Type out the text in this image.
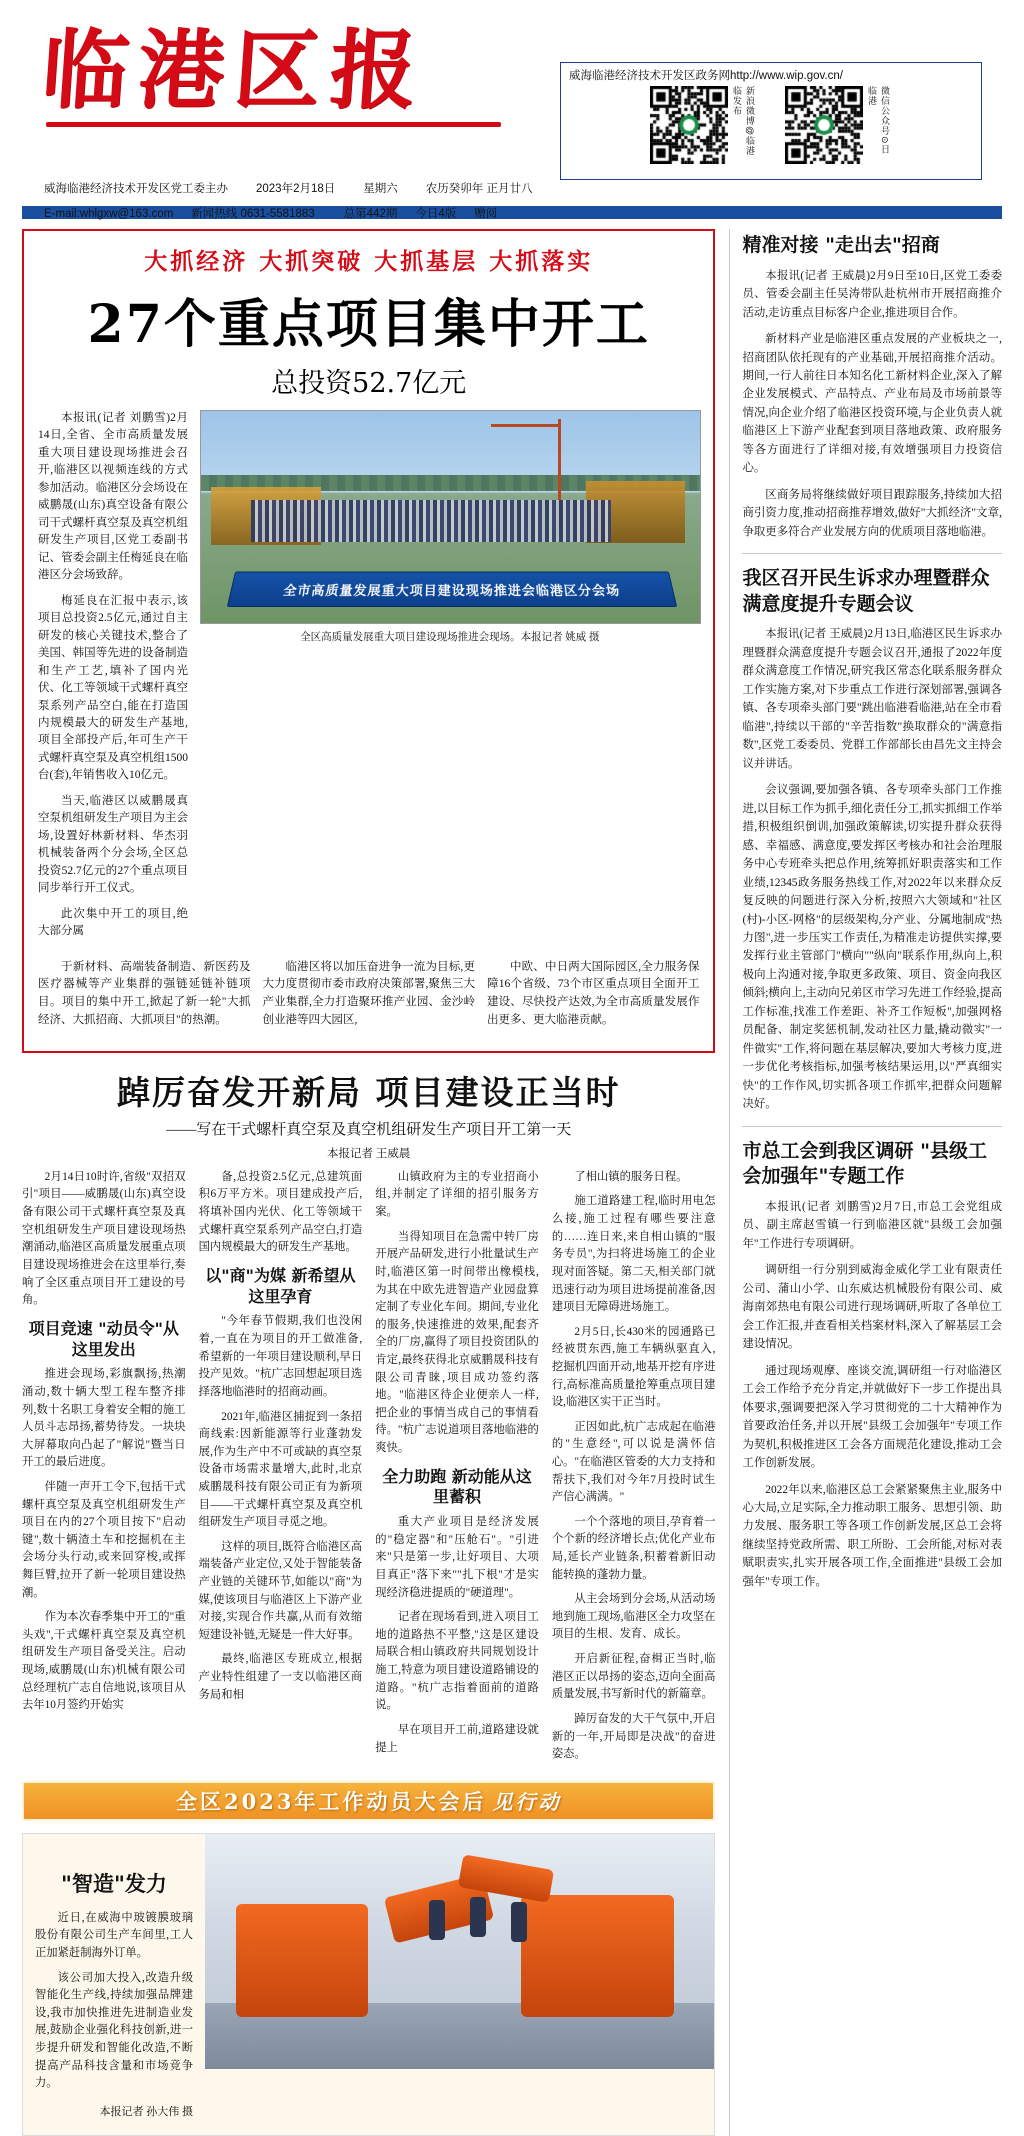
临港区报
威海临港经济技术开发区党工委主办 2023年2月18日 星期六 农历癸卯年 正月廿八
E-mail:whlgxw@163.com 新闻热线 0631-5581883	总第442期 今日4版 赠阅
威海临港经济技术开发区政务网http://www.wip.gov.cn/
新浪微博@临港临发布	微信公众号⊙日临港
大抓经济 大抓突破 大抓基层 大抓落实
27个重点项目集中开工
总投资52.7亿元

本报讯(记者 刘鹏雪)2月14日,全省、全市高质量发展重大项目建设现场推进会召开,临港区以视频连线的方式参加活动。临港区分会场设在威鹏晟(山东)真空设备有限公司干式螺杆真空泵及真空机组研发生产项目,区党工委副书记、管委会副主任梅延良在临港区分会场致辞。

梅延良在汇报中表示,该项目总投资2.5亿元,通过自主研发的核心关键技术,整合了美国、韩国等先进的设备制造和生产工艺,填补了国内光伏、化工等领域干式螺杆真空泵系列产品空白,能在打造国内规模最大的研发生产基地,项目全部投产后,年可生产干式螺杆真空泵及真空机组1500台(套),年销售收入10亿元。

当天,临港区以威鹏晟真空泵机组研发生产项目为主会场,设置好林新材料、华杰羽机械装备两个分会场,全区总投资52.7亿元的27个重点项目同步举行开工仪式。

此次集中开工的项目,绝大部分属

全市高质量发展重大项目建设现场推进会临港区分会场
全区高质量发展重大项目建设现场推进会现场。本报记者 姚威 摄

于新材料、高端装备制造、新医药及医疗器械等产业集群的强链延链补链项目。项目的集中开工,掀起了新一轮"大抓经济、大抓招商、大抓项目"的热潮。

临港区将以加压奋进争一流为目标,更大力度贯彻市委市政府决策部署,聚焦三大产业集群,全力打造聚环推产业园、金沙岭创业港等四大园区,

中欧、中日两大国际园区,全力服务保障16个省级、73个市区重点项目全面开工建设、尽快投产达效,为全市高质量发展作出更多、更大临港贡献。

踔厉奋发开新局 项目建设正当时
——写在干式螺杆真空泵及真空机组研发生产项目开工第一天
本报记者 王威晨

2月14日10时许,省级"双招双引"项目——威鹏晟(山东)真空设备有限公司干式螺杆真空泵及真空机组研发生产项目建设现场热潮涌动,临港区高质量发展重点项目建设现场推进会在这里举行,奏响了全区重点项目开工建设的号角。

项目竞速 "动员令"从这里发出

推进会现场,彩旗飘扬,热潮涌动,数十辆大型工程车整齐排列,数十名职工身着安全帽的施工人员斗志昂扬,蓄势待发。一块块大屏幕取向凸起了"解说"暨当日开工的最后进度。

伴随一声开工令下,包括干式螺杆真空泵及真空机组研发生产项目在内的27个项目按下"启动键",数十辆渣土车和挖掘机在主会场分头行动,或来回穿梭,或挥舞巨臂,拉开了新一轮项目建设热潮。

作为本次春季集中开工的"重头戏",干式螺杆真空泵及真空机组研发生产项目备受关注。启动现场,威鹏晟(山东)机械有限公司总经理杭广志自信地说,该项目从去年10月签约开始实

备,总投资2.5亿元,总建筑面积6万平方米。项目建成投产后,将填补国内光伏、化工等领域干式螺杆真空泵系列产品空白,打造国内规模最大的研发生产基地。

以"商"为媒 新希望从这里孕育

"今年春节假期,我们也没闲着,一直在为项目的开工做准备,希望新的一年项目建设顺利,早日投产见效。"杭广志回想起项目选择落地临港时的招商动画。

2021年,临港区捕捉到一条招商线索:因新能源等行业蓬勃发展,作为生产中不可或缺的真空泵设备市场需求量增大,此时,北京威鹏晟科技有限公司正有为新项目——干式螺杆真空泵及真空机组研发生产项目寻觅之地。

这样的项目,既符合临港区高端装备产业定位,又处于智能装备产业链的关键环节,如能以"商"为媒,使该项目与临港区上下游产业对接,实现合作共赢,从而有效缩短建设补链,无疑是一件大好事。

最终,临港区专班成立,根据产业特性组建了一支以临港区商务局和相

山镇政府为主的专业招商小组,并制定了详细的招引服务方案。

当得知项目在急需中转厂房开展产品研发,进行小批量试生产时,临港区第一时间带出橡模栈,为其在中欧先进智造产业园盘算定制了专业化车间。期间,专业化的服务,快速推进的效果,配套齐全的厂房,赢得了项目投资团队的肯定,最终获得北京威鹏晟科技有限公司青睐,项目成功签约落地。"临港区待企业便亲人一样,把企业的事情当成自己的事情看待。"杭广志说道项目落地临港的爽快。

全力助跑 新动能从这里蓄积

重大产业项目是经济发展的"稳定器"和"压舱石"。"引进来"只是第一步,让好项目、大项目真正"落下来""扎下根"才是实现经济稳进提质的"硬道理"。

记者在现场看到,进入项目工地的道路热不平整,"这是区建设局联合相山镇政府共同规划设计施工,特意为项目建设道路铺设的道路。"杭广志指着面前的道路说。

早在项目开工前,道路建设就提上

了相山镇的服务日程。

施工道路建工程,临时用电怎么接,施工过程有哪些要注意的……连日来,来自相山镇的"服务专员",为扫将进场施工的企业现对面答疑。第二天,相关部门就迅速行动为项目进场提前准备,因建项目无障碍进场施工。

2月5日,长430米的园通路已经被贯东西,施工车辆纵驱直入,挖掘机四面开动,地基开挖有序进行,高标准高质量抢筹重点项目建设,临港区实干正当时。

正因如此,杭广志成起在临港的"生意经",可以说是满怀信心。"在临港区管委的大力支持和帮扶下,我们对今年7月投时试生产信心满满。"

一个个落地的项目,孕育着一个个新的经济增长点;优化产业布局,延长产业链条,积蓄着新旧动能转换的蓬勃力量。

从主会场到分会场,从活动场地到施工现场,临港区全力攻坚在项目的生根、发育、成长。

开启新征程,奋楫正当时,临港区正以昂扬的姿态,迈向全面高质量发展,书写新时代的新篇章。

踔厉奋发的大干气氛中,开启新的一年,开局即是决战"的奋进姿态。

全区2023年工作动员大会后 见行动
"智造"发力

近日,在威海中玻镀膜玻璃股份有限公司生产车间里,工人正加紧赶制海外订单。

该公司加大投入,改造升级智能化生产线,持续加强品牌建设,我市加快推进先进制造业发展,鼓励企业强化科技创新,进一步提升研发和智能化改造,不断提高产品科技含量和市场竞争力。

本报记者 孙大伟 摄
精准对接 "走出去"招商

本报讯(记者 王威晨)2月9日至10日,区党工委委员、管委会副主任吴涛带队赴杭州市开展招商推介活动,走访重点目标客户企业,推进项目合作。

新材料产业是临港区重点发展的产业板块之一,招商团队依托现有的产业基础,开展招商推介活动。期间,一行人前往日本知名化工新材料企业,深入了解企业发展模式、产品特点、产业布局及市场前景等情况,向企业介绍了临港区投资环境,与企业负责人就临港区上下游产业配套到项目落地政策、政府服务等各方面进行了详细对接,有效增强项目力投资信心。

区商务局将继续做好项目跟踪服务,持续加大招商引资力度,推动招商推荐增效,做好"大抓经济"文章,争取更多符合产业发展方向的优质项目落地临港。

我区召开民生诉求办理暨群众满意度提升专题会议

本报讯(记者 王威晨)2月13日,临港区民生诉求办理暨群众满意度提升专题会议召开,通报了2022年度群众满意度工作情况,研究我区常态化联系服务群众工作实施方案,对下步重点工作进行深划部署,强调各镇、各专项牵头部门要"跳出临港看临港,站在全市看临港",持续以干部的"辛苦指数"换取群众的"满意指数",区党工委委员、党群工作部部长由昌先文主持会议并讲话。

会议强调,要加强各镇、各专项牵头部门工作推进,以目标工作为抓手,细化责任分工,抓实抓细工作举措,积极组织倒训,加强政策解读,切实提升群众获得感、幸福感、满意度,要发挥区考核办和社会治理服务中心专班牵头把总作用,统筹抓好职责落实和工作业绩,12345政务服务热线工作,对2022年以来群众反复反映的问题进行深入分析,按照六大领域和"社区(村)-小区-网格"的层级架构,分产业、分属地制成"热力图",进一步压实工作责任,为精准走访提供实撑,要发挥行业主管部门"横向""纵向"联系作用,纵向上,积极向上沟通对接,争取更多政策、项目、资金向我区倾斜;横向上,主动向兄弟区市学习先进工作经验,提高工作标准,找准工作差距、补齐工作短板",加强网格员配备、制定奖惩机制,发动社区力量,撬动微实"一件微实"工作,将问题在基层解决,要加大考核力度,进一步优化考核指标,加强考核结果运用,以"严真细实快"的工作作风,切实抓各项工作抓牢,把群众问题解决好。

市总工会到我区调研 "县级工会加强年"专题工作

本报讯(记者 刘鹏雪)2月7日,市总工会党组成员、副主席赵雪镇一行到临港区就"县级工会加强年"工作进行专项调研。

调研组一行分别到威海金威化学工业有限责任公司、蒲山小学、山东威达机械股份有限公司、威海南郊热电有限公司进行现场调研,听取了各单位工会工作汇报,并查看相关档案材料,深入了解基层工会建设情况。

通过现场观摩、座谈交流,调研组一行对临港区工会工作给予充分肯定,并就做好下一步工作提出具体要求,强调要把深入学习贯彻党的二十大精神作为首要政治任务,并以开展"县级工会加强年"专项工作为契机,积极推进区工会各方面规范化建设,推动工会工作创新发展。

2022年以来,临港区总工会紧紧聚焦主业,服务中心大局,立足实际,全力推动职工服务、思想引领、助力发展、服务职工等各项工作创新发展,区总工会将继续坚持党政所需、职工所盼、工会所能,对标对表赋职责实,扎实开展各项工作,全面推进"县级工会加强年"专项工作。
